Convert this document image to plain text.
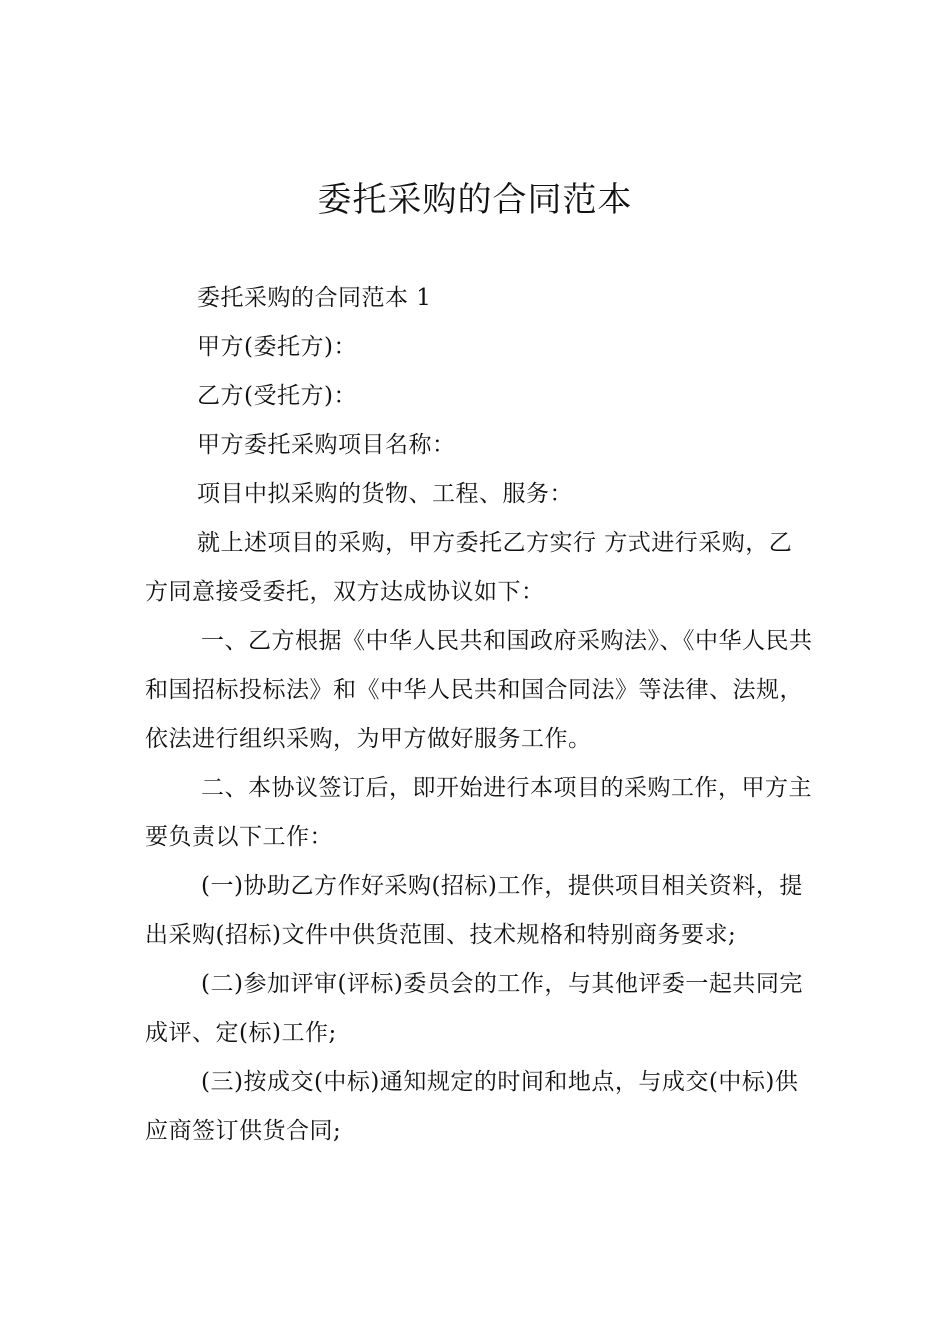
委托采购的合同范本

委托采购的合同范本 1

甲方(委托方)：

乙方(受托方)：

甲方委托采购项目名称：

项目中拟采购的货物、工程、服务：

就上述项目的采购，甲方委托乙方实行 方式进行采购，乙方同意接受委托，双方达成协议如下：

一、乙方根据《中华人民共和国政府采购法》、《中华人民共和国招标投标法》和《中华人民共和国合同法》等法律、法规，依法进行组织采购，为甲方做好服务工作。

二、本协议签订后，即开始进行本项目的采购工作，甲方主要负责以下工作：

(一)协助乙方作好采购(招标)工作，提供项目相关资料，提出采购(招标)文件中供货范围、技术规格和特别商务要求;

(二)参加评审(评标)委员会的工作，与其他评委一起共同完成评、定(标)工作;

(三)按成交(中标)通知规定的时间和地点，与成交(中标)供应商签订供货合同;
